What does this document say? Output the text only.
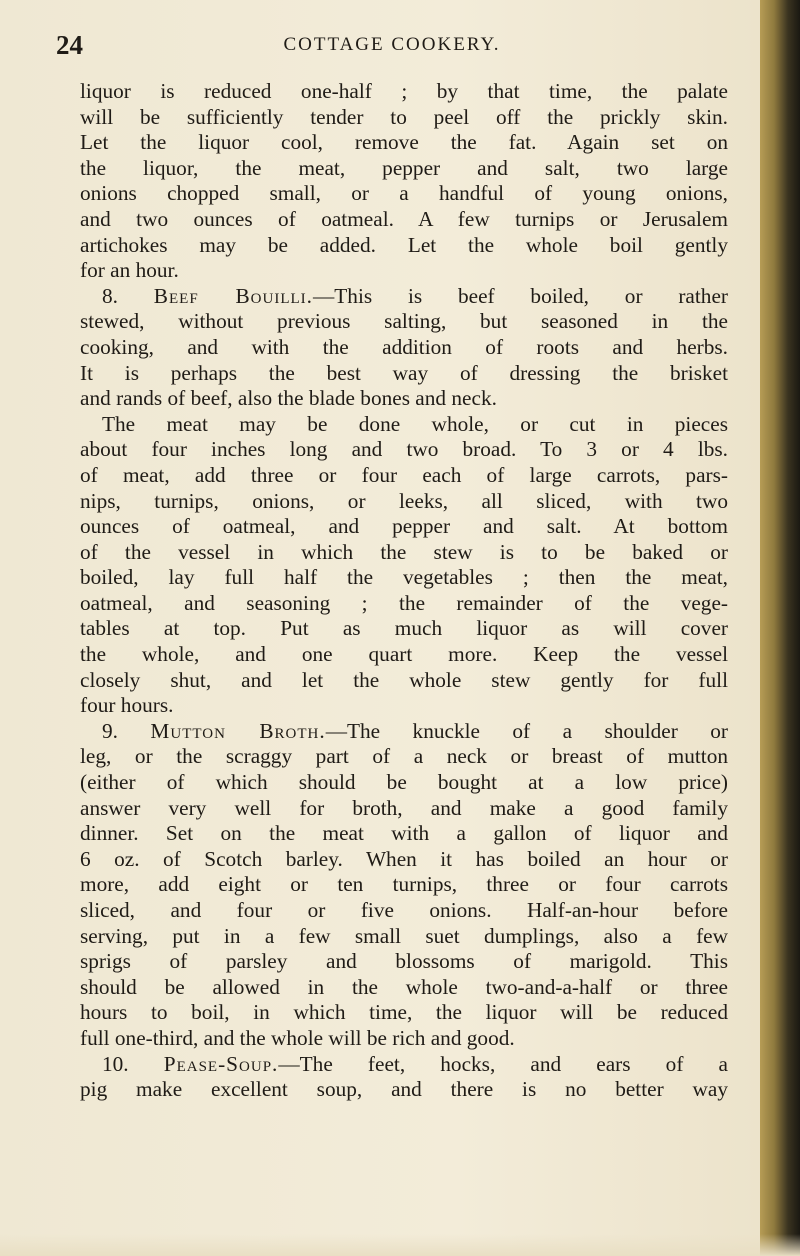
24	COTTAGE COOKERY.
liquor is reduced one-half ; by that time, the palate
will be sufficiently tender to peel off the prickly skin.
Let the liquor cool, remove the fat. Again set on
the liquor, the meat, pepper and salt, two large
onions chopped small, or a handful of young onions,
and two ounces of oatmeal. A few turnips or Jerusalem
artichokes may be added. Let the whole boil gently
for an hour.
8. Beef Bouilli.—This is beef boiled, or rather
stewed, without previous salting, but seasoned in the
cooking, and with the addition of roots and herbs.
It is perhaps the best way of dressing the brisket
and rands of beef, also the blade bones and neck.
The meat may be done whole, or cut in pieces
about four inches long and two broad. To 3 or 4 lbs.
of meat, add three or four each of large carrots, pars-
nips, turnips, onions, or leeks, all sliced, with two
ounces of oatmeal, and pepper and salt. At bottom
of the vessel in which the stew is to be baked or
boiled, lay full half the vegetables ; then the meat,
oatmeal, and seasoning ; the remainder of the vege-
tables at top. Put as much liquor as will cover
the whole, and one quart more. Keep the vessel
closely shut, and let the whole stew gently for full
four hours.
9. Mutton Broth.—The knuckle of a shoulder or
leg, or the scraggy part of a neck or breast of mutton
(either of which should be bought at a low price)
answer very well for broth, and make a good family
dinner. Set on the meat with a gallon of liquor and
6 oz. of Scotch barley. When it has boiled an hour or
more, add eight or ten turnips, three or four carrots
sliced, and four or five onions. Half-an-hour before
serving, put in a few small suet dumplings, also a few
sprigs of parsley and blossoms of marigold. This
should be allowed in the whole two-and-a-half or three
hours to boil, in which time, the liquor will be reduced
full one-third, and the whole will be rich and good.
10. Pease-Soup.—The feet, hocks, and ears of a
pig make excellent soup, and there is no better way
